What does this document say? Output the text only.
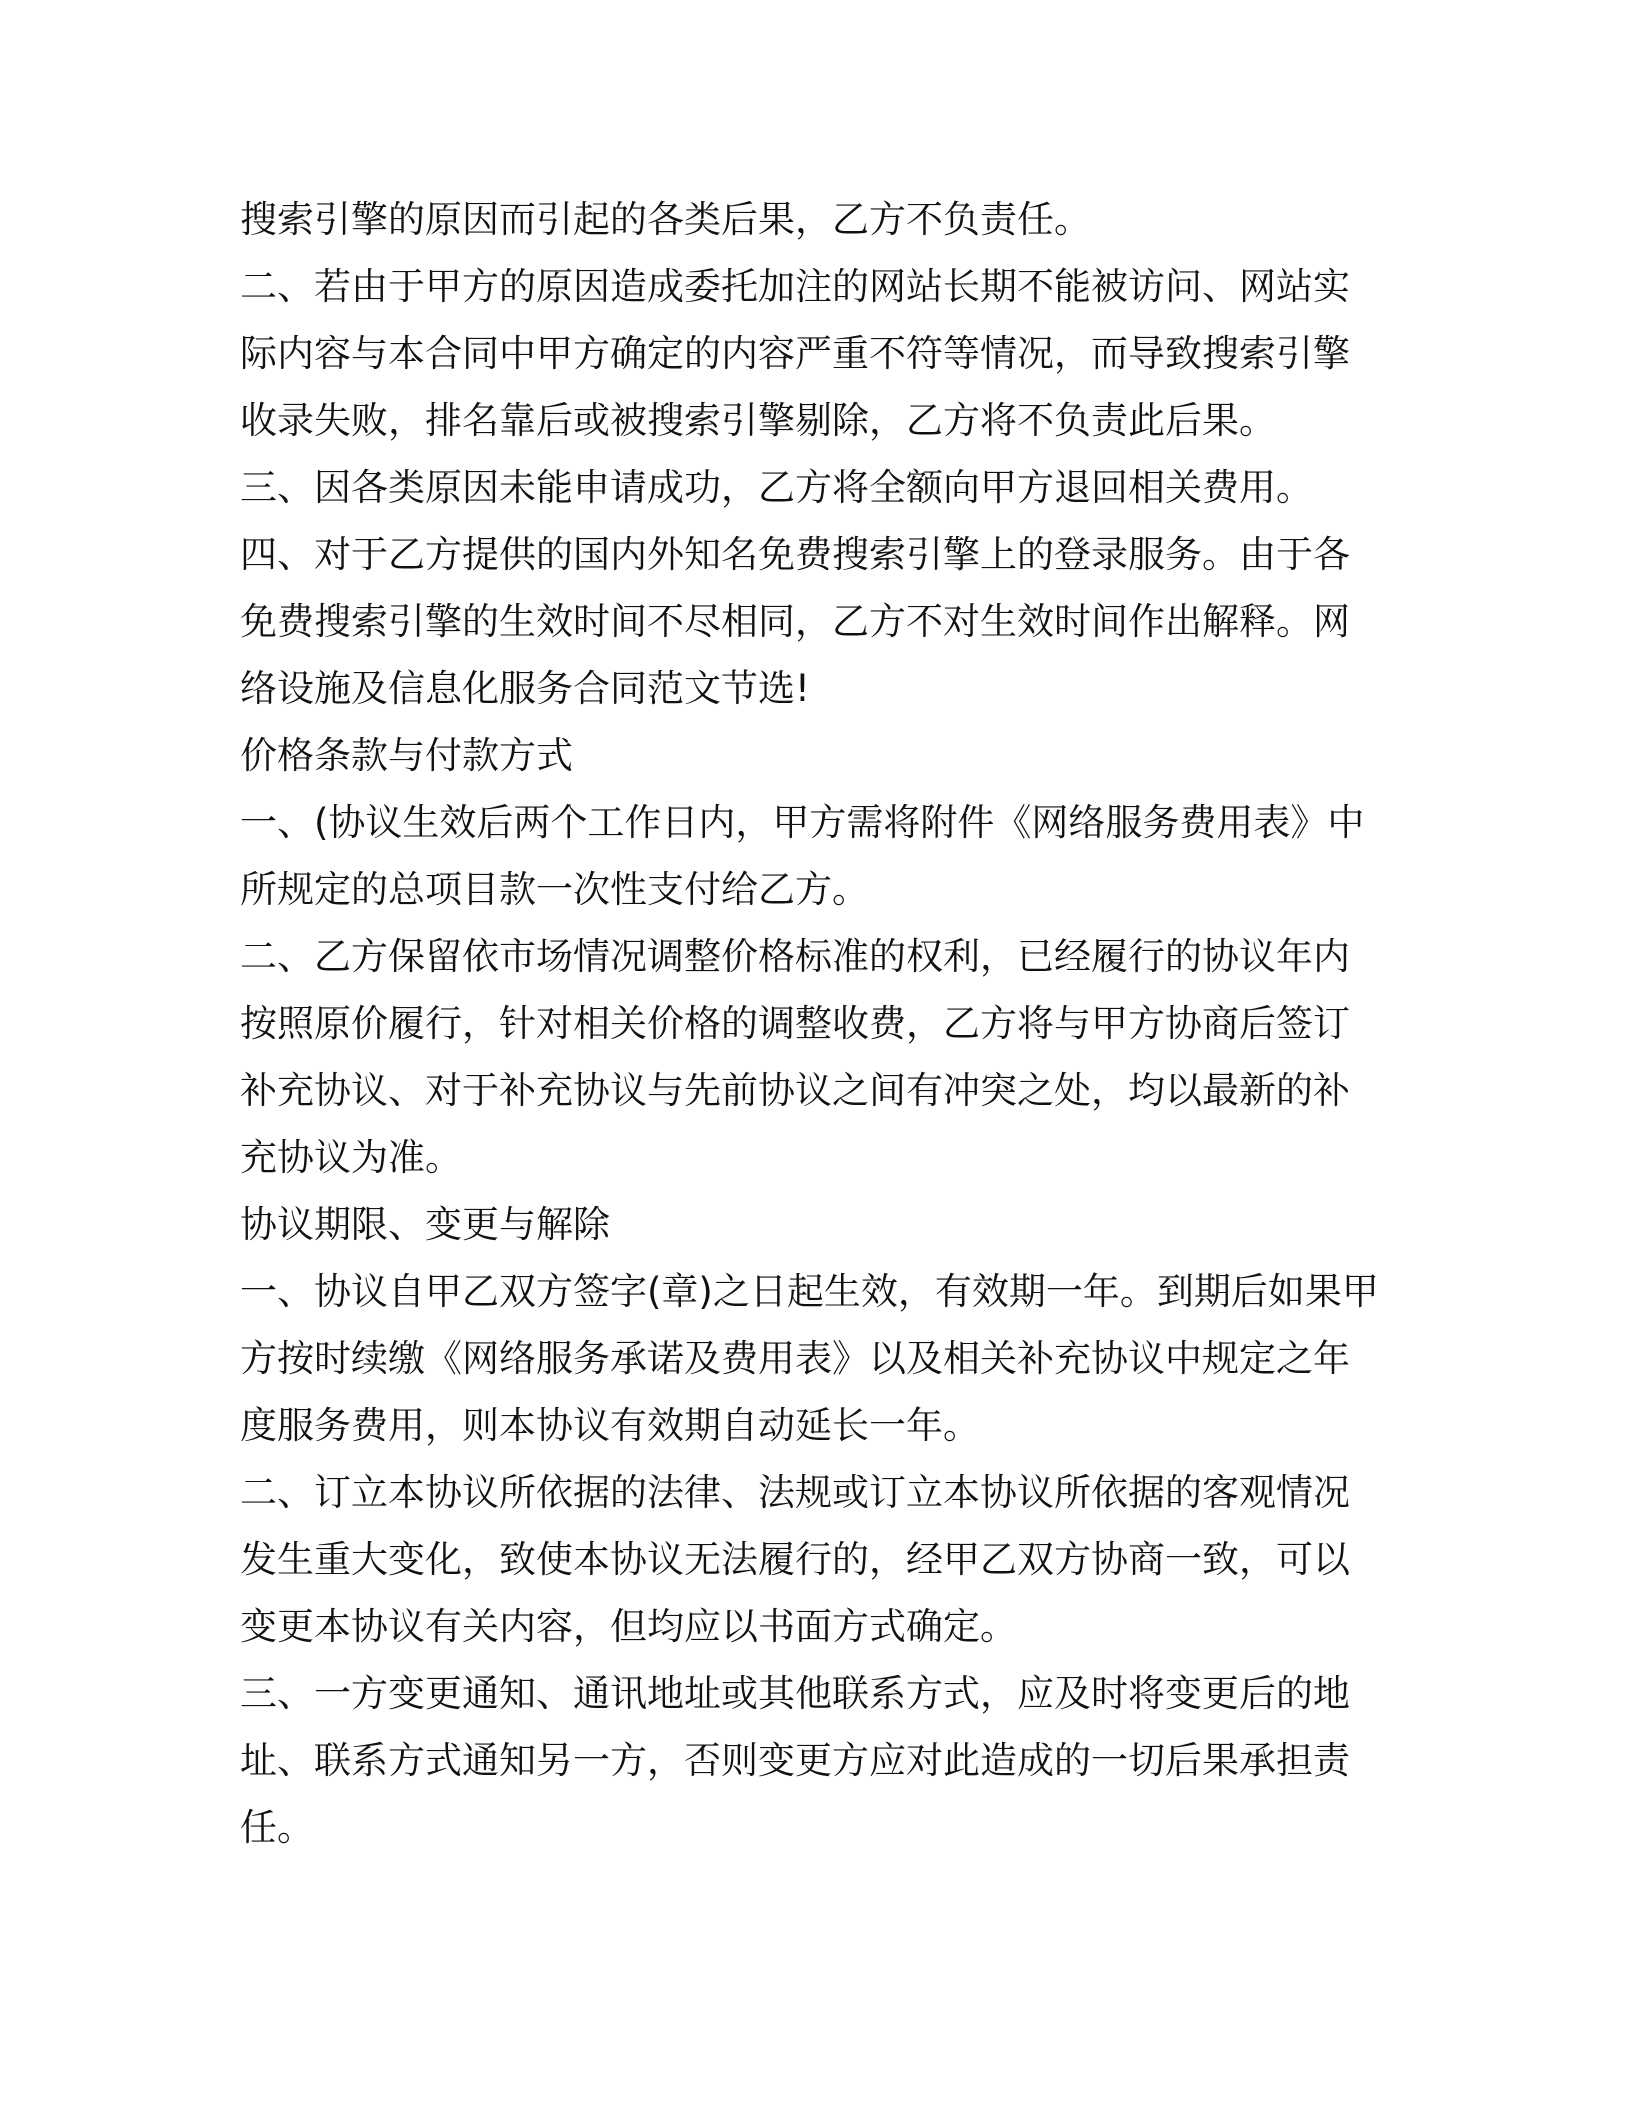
搜索引擎的原因而引起的各类后果，乙方不负责任。
二、若由于甲方的原因造成委托加注的网站长期不能被访问、网站实
际内容与本合同中甲方确定的内容严重不符等情况，而导致搜索引擎
收录失败，排名靠后或被搜索引擎剔除，乙方将不负责此后果。
三、因各类原因未能申请成功，乙方将全额向甲方退回相关费用。
四、对于乙方提供的国内外知名免费搜索引擎上的登录服务。由于各
免费搜索引擎的生效时间不尽相同，乙方不对生效时间作出解释。网
络设施及信息化服务合同范文节选!
价格条款与付款方式
一、(协议生效后两个工作日内，甲方需将附件《网络服务费用表》中
所规定的总项目款一次性支付给乙方。
二、乙方保留依市场情况调整价格标准的权利，已经履行的协议年内
按照原价履行，针对相关价格的调整收费，乙方将与甲方协商后签订
补充协议、对于补充协议与先前协议之间有冲突之处，均以最新的补
充协议为准。
协议期限、变更与解除
一、协议自甲乙双方签字(章)之日起生效，有效期一年。到期后如果甲
方按时续缴《网络服务承诺及费用表》以及相关补充协议中规定之年
度服务费用，则本协议有效期自动延长一年。
二、订立本协议所依据的法律、法规或订立本协议所依据的客观情况
发生重大变化，致使本协议无法履行的，经甲乙双方协商一致，可以
变更本协议有关内容，但均应以书面方式确定。
三、一方变更通知、通讯地址或其他联系方式，应及时将变更后的地
址、联系方式通知另一方，否则变更方应对此造成的一切后果承担责
任。
